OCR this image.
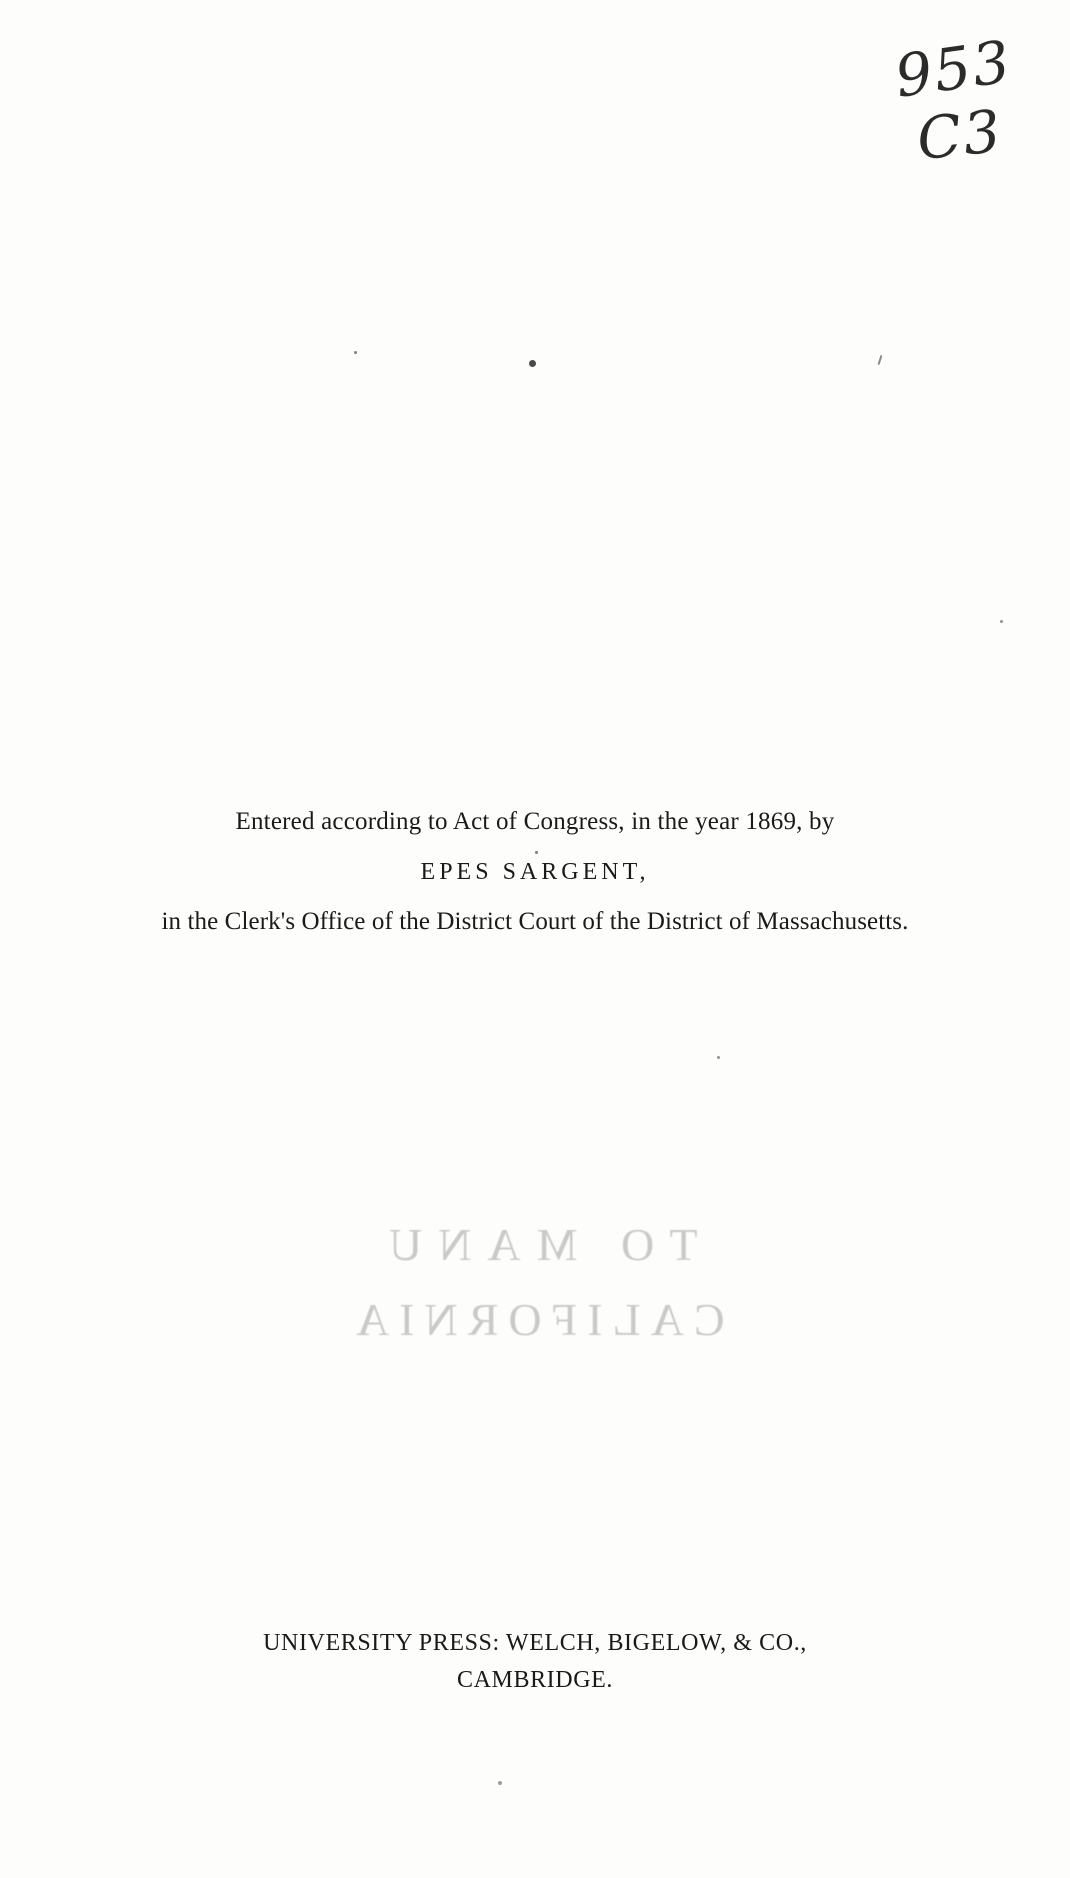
953
C3
Entered according to Act of Congress, in the year 1869, by
EPES SARGENT,
in the Clerk's Office of the District Court of the District of Massachusetts.
TO MANU
CALIFORNIA
UNIVERSITY PRESS: WELCH, BIGELOW, & CO.,
CAMBRIDGE.
